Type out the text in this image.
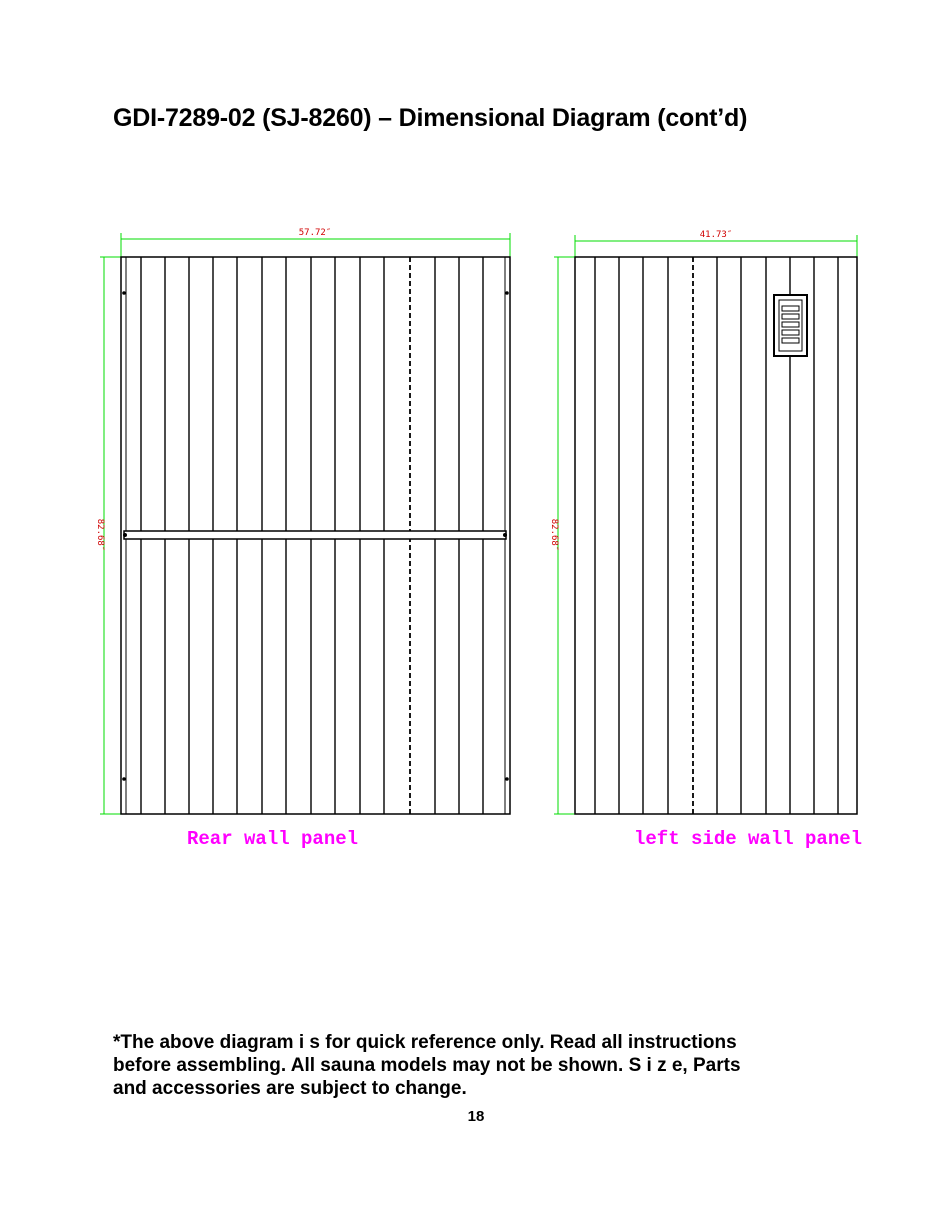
GDI-7289-02 (SJ-8260) – Dimensional Diagram (cont’d)
57.72″
82.68″
41.73″
82.68″
Rear wall panel	left side wall panel
*The above diagram i s for quick reference only. Read all instructions
before assembling. All sauna models may not be shown. S i z e, Parts
and accessories are subject to change.
18
